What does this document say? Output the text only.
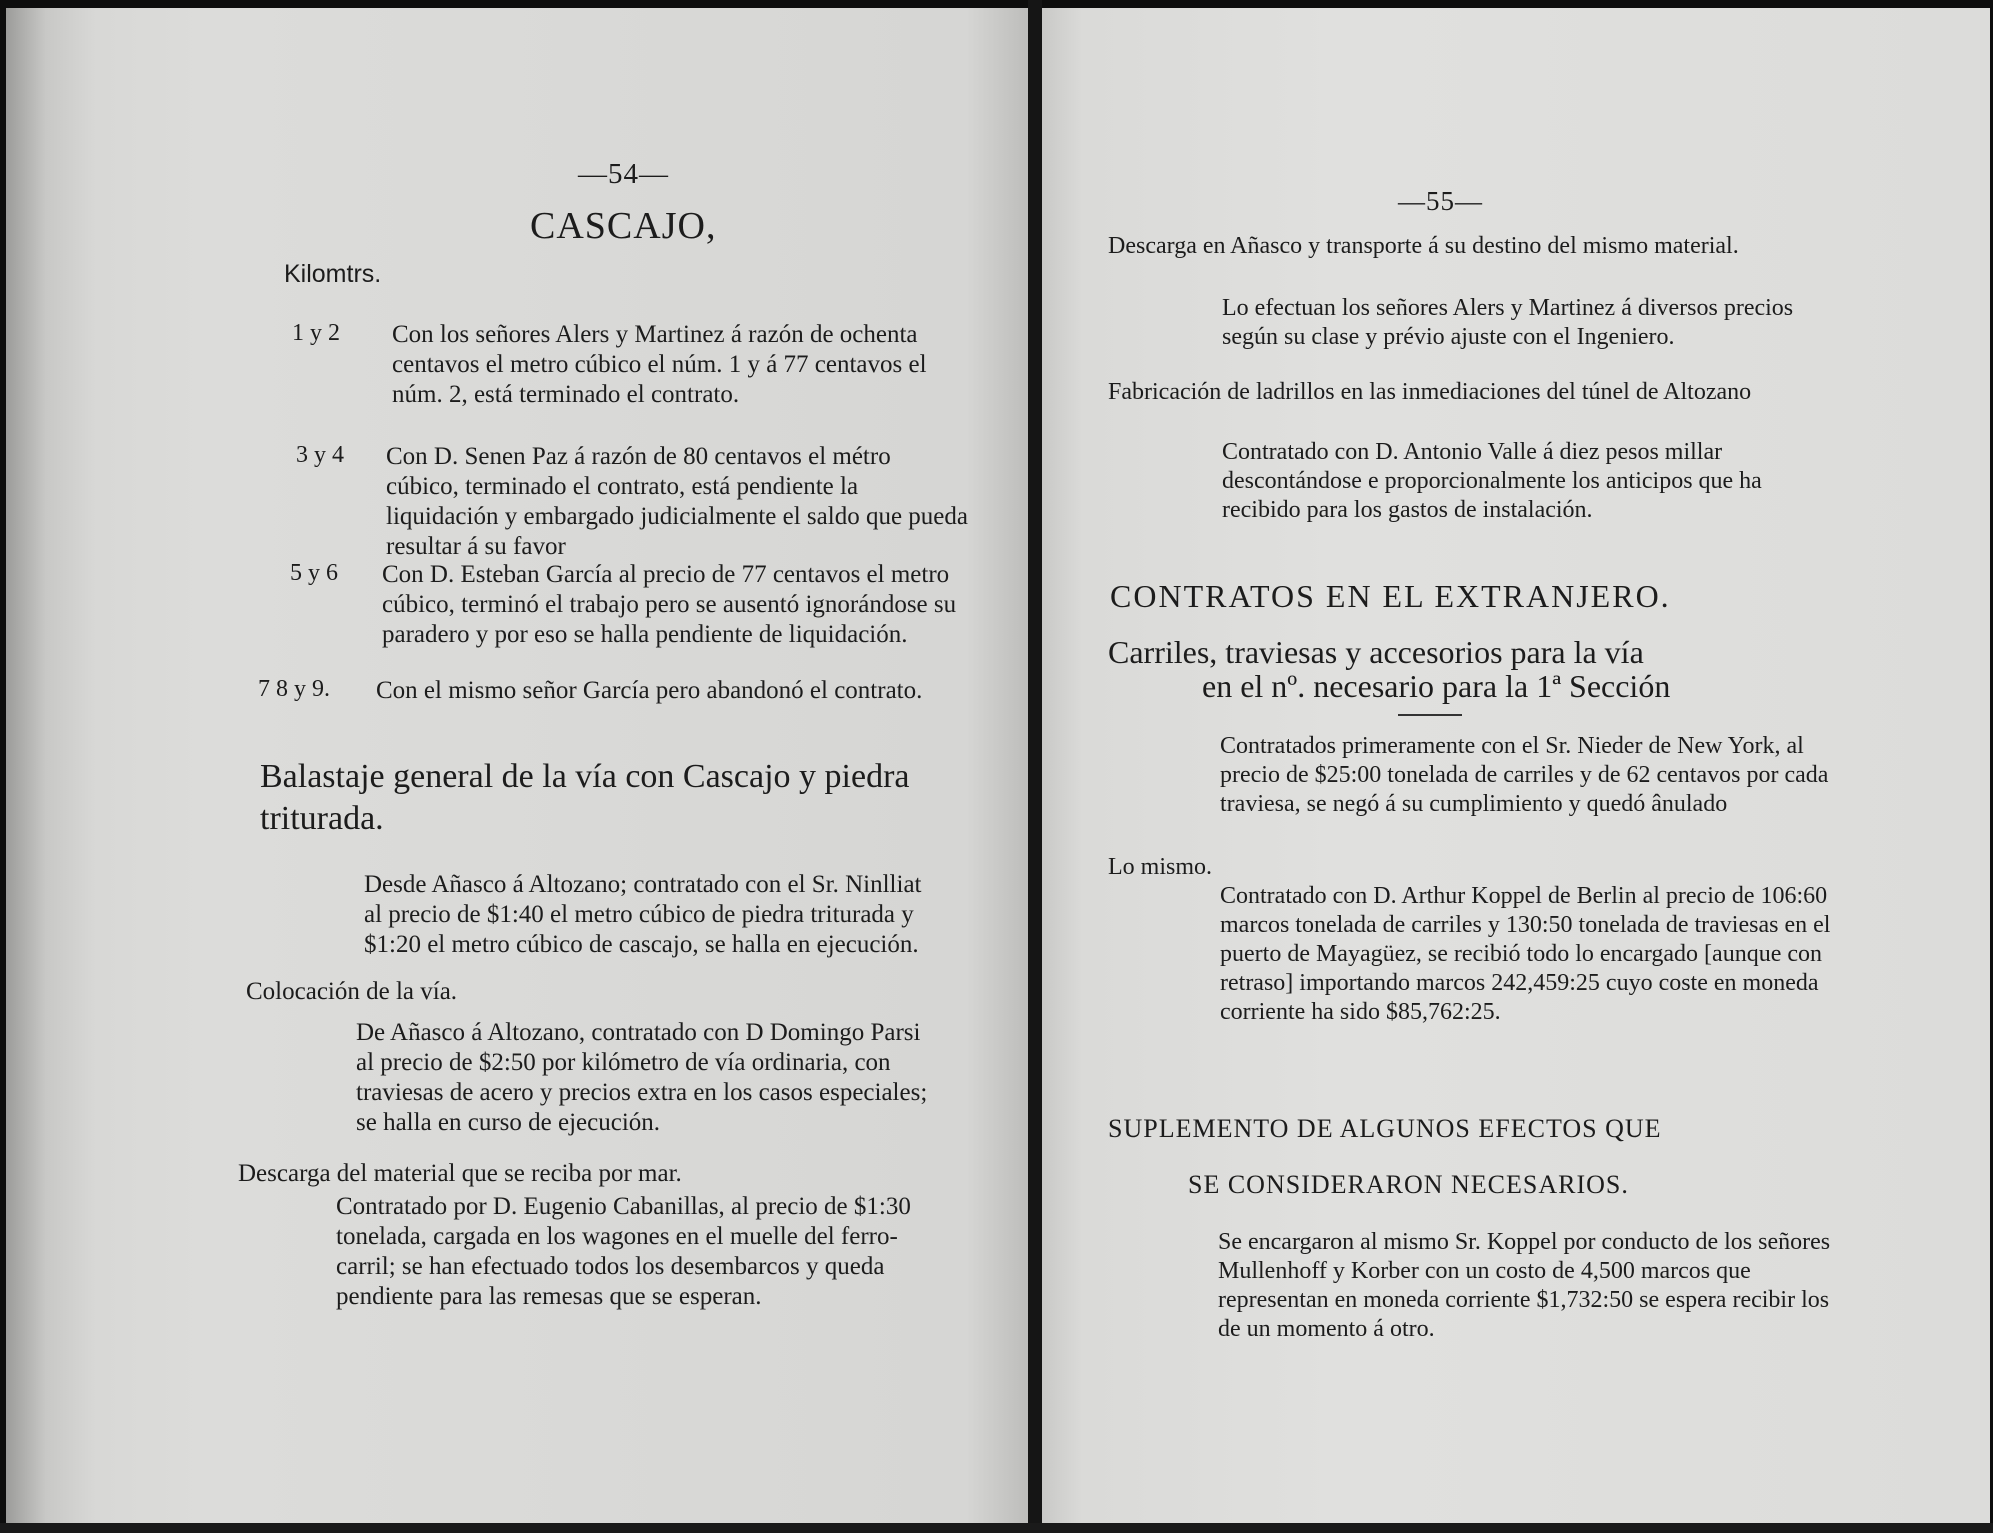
—54—
CASCAJO,
Kilomtrs.
1 y 2 Con los señores Alers y Martinez á razón de ochenta centavos el metro cúbico el núm. 1 y á 77 centavos el núm. 2, está terminado el contrato.

3 y 4 Con D. Senen Paz á razón de 80 centavos el métro cúbico, terminado el contrato, está pendiente la liquidación y embargado judicialmente el saldo que pueda resultar á su favor

5 y 6 Con D. Esteban García al precio de 77 centavos el metro cúbico, terminó el trabajo pero se ausentó ignorándose su paradero y por eso se halla pendiente de liquidación.

7 8 y 9. Con el mismo señor García pero abandonó el contrato.

Balastaje general de la vía con Cascajo y piedra triturada.

Desde Añasco á Altozano; contratado con el Sr. Ninlliat al precio de $1:40 el metro cúbico de piedra triturada y $1:20 el metro cúbico de cascajo, se halla en ejecución.

Colocación de la vía.

De Añasco á Altozano, contratado con D Domingo Parsi al precio de $2:50 por kilómetro de vía ordinaria, con traviesas de acero y precios extra en los casos especiales; se halla en curso de ejecución.

Descarga del material que se reciba por mar.

Contratado por D. Eugenio Cabanillas, al precio de $1:30 tonelada, cargada en los wagones en el muelle del ferro-carril; se han efectuado todos los desembarcos y queda pendiente para las remesas que se esperan.

—55—

Descarga en Añasco y transporte á su destino del mismo material.

Lo efectuan los señores Alers y Martinez á diversos precios según su clase y prévio ajuste con el Ingeniero.

Fabricación de ladrillos en las inmediaciones del túnel de Altozano

Contratado con D. Antonio Valle á diez pesos millar descontándose e proporcionalmente los anticipos que ha recibido para los gastos de instalación.

CONTRATOS EN EL EXTRANJERO.
Carriles, traviesas y accesorios para la vía
en el nº. necesario para la 1ª Sección

Contratados primeramente con el Sr. Nieder de New York, al precio de $25:00 tonelada de carriles y de 62 centavos por cada traviesa, se negó á su cumplimiento y quedó ânulado

Lo mismo.

Contratado con D. Arthur Koppel de Berlin al precio de 106:60 marcos tonelada de carriles y 130:50 tonelada de traviesas en el puerto de Mayagüez, se recibió todo lo encargado [aunque con retraso] importando marcos 242,459:25 cuyo coste en moneda corriente ha sido $85,762:25.

SUPLEMENTO DE ALGUNOS EFECTOS QUE
SE CONSIDERARON NECESARIOS.

Se encargaron al mismo Sr. Koppel por conducto de los señores Mullenhoff y Korber con un costo de 4,500 marcos que representan en moneda corriente $1,732:50 se espera recibir los de un momento á otro.
